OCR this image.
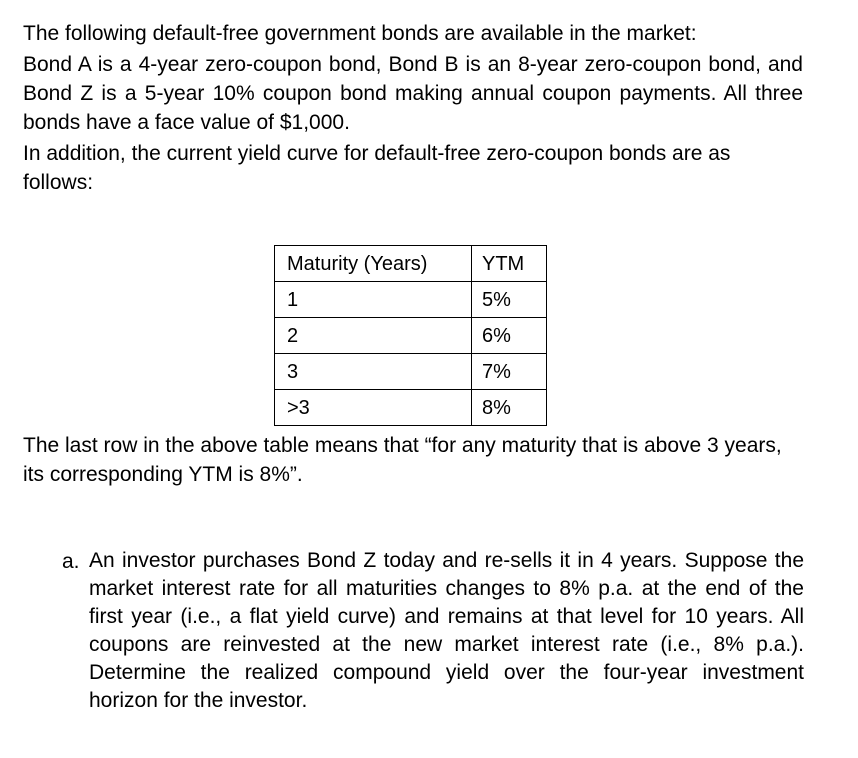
The following default-free government bonds are available in the market:

Bond A is a 4-year zero-coupon bond, Bond B is an 8-year zero-coupon bond, and Bond Z is a 5-year 10% coupon bond making annual coupon payments. All three bonds have a face value of $1,000.

In addition, the current yield curve for default-free zero-coupon bonds are as follows:

Maturity (Years)	YTM
1	5%
2	6%
3	7%
>3	8%

The last row in the above table means that “for any maturity that is above 3 years, its corresponding YTM is 8%”.

a. An investor purchases Bond Z today and re-sells it in 4 years. Suppose the market interest rate for all maturities changes to 8% p.a. at the end of the first year (i.e., a flat yield curve) and remains at that level for 10 years. All coupons are reinvested at the new market interest rate (i.e., 8% p.a.). Determine the realized compound yield over the four-year investment horizon for the investor.
